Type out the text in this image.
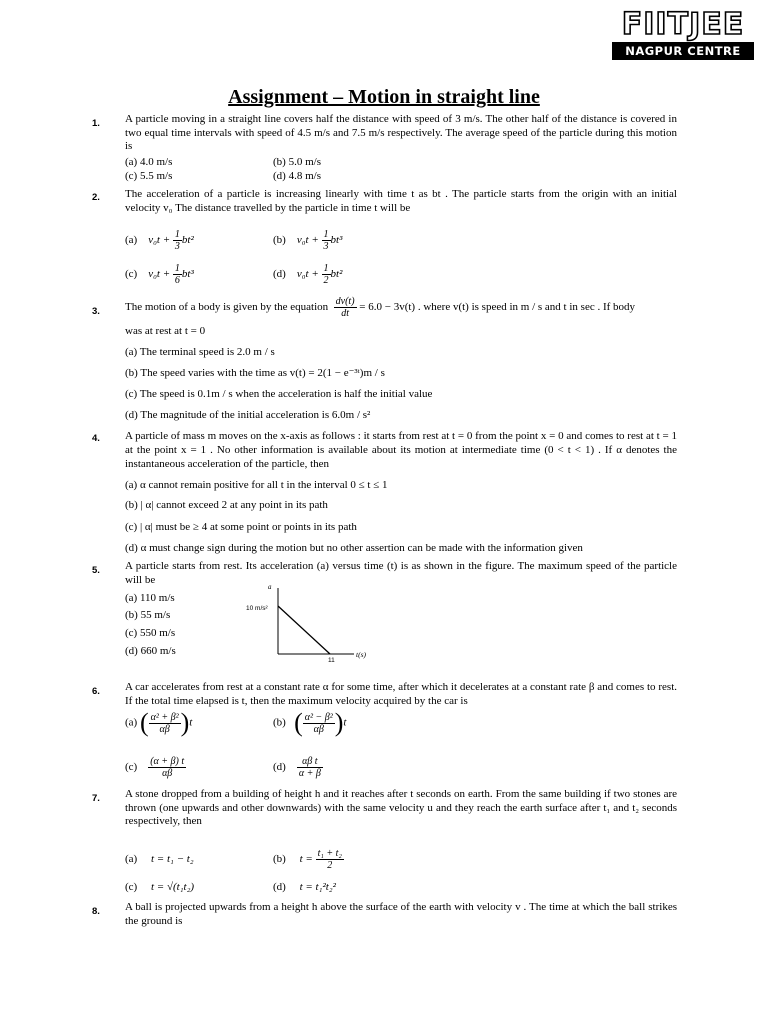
FIITJEE
NAGPUR CENTRE
Assignment – Motion in straight line
1. A particle moving in a straight line covers half the distance with speed of 3 m/s. The other half of the distance is covered in two equal time intervals with speed of 4.5 m/s and 7.5 m/s respectively. The average speed of the particle during this motion is
(a) 4.0 m/s	(b) 5.0 m/s
(c) 5.5 m/s	(d) 4.8 m/s
2. The acceleration of a particle is increasing linearly with time t as bt . The particle starts from the origin with an initial velocity v₀ The distance travelled by the particle in time t will be
(a) $v_0t + \frac{1}{3} bt^2$	(b) $v_0t + \frac{1}{3} bt^3$
(c) $v_0t + \frac{1}{6} bt^3$	(d) $v_0t + \frac{1}{2} bt^2$
3. The motion of a body is given by the equation $\frac{dv(t)}{dt} = 6.0 - 3v(t)$ . where v(t) is speed in m / s and t in sec . If body
was at rest at t = 0
(a) The terminal speed is 2.0 m / s
(b) The speed varies with the time as v(t) = 2(1 − e⁻³ᵗ)m / s
(c) The speed is 0.1m / s when the acceleration is half the initial value
(d) The magnitude of the initial acceleration is 6.0m / s²
4. A particle of mass m moves on the x-axis as follows : it starts from rest at t = 0 from the point x = 0 and comes to rest at t = 1 at the point x = 1 . No other information is available about its motion at intermediate time (0 < t < 1) . If α denotes the instantaneous acceleration of the particle, then
(a) α cannot remain positive for all t in the interval 0 ≤ t ≤ 1
(b) | α| cannot exceed 2 at any point in its path
(c) | α| must be ≥ 4 at some point or points in its path
(d) α must change sign during the motion but no other assertion can be made with the information given
5. A particle starts from rest. Its acceleration (a) versus time (t) is as shown in the figure. The maximum speed of the particle will be
(a) 110 m/s
(b) 55 m/s
(c) 550 m/s
(d) 660 m/s
a
10 m/s²
11
t(s)
6. A car accelerates from rest at a constant rate α for some time, after which it decelerates at a constant rate β and comes to rest. If the total time elapsed is t, then the maximum velocity acquired by the car is
(a) ( $\frac{\text{α² + β²}}{\alpha\beta} )t$	(b) ( $\frac{\text{α² − β²}}{\alpha\beta} )t$
$(c) \frac{(\alpha + \beta) t}{\alpha\beta}$	$(d) \frac{\text{αβ t}}{\alpha + \beta}$
7. A stone dropped from a building of height h and it reaches after t seconds on earth. From the same building if two stones are thrown (one upwards and other downwards) with the same velocity u and they reach the earth surface after t₁ and t₂ seconds respectively, then
(a) t = t₁ − t₂	(b) $t = \frac{\text{t₁ + t₂}}{2}$
(c) t = √(t₁t₂)	(d) t = t₁²t₂²
8. A ball is projected upwards from a height h above the surface of the earth with velocity v . The time at which the ball strikes the ground is
